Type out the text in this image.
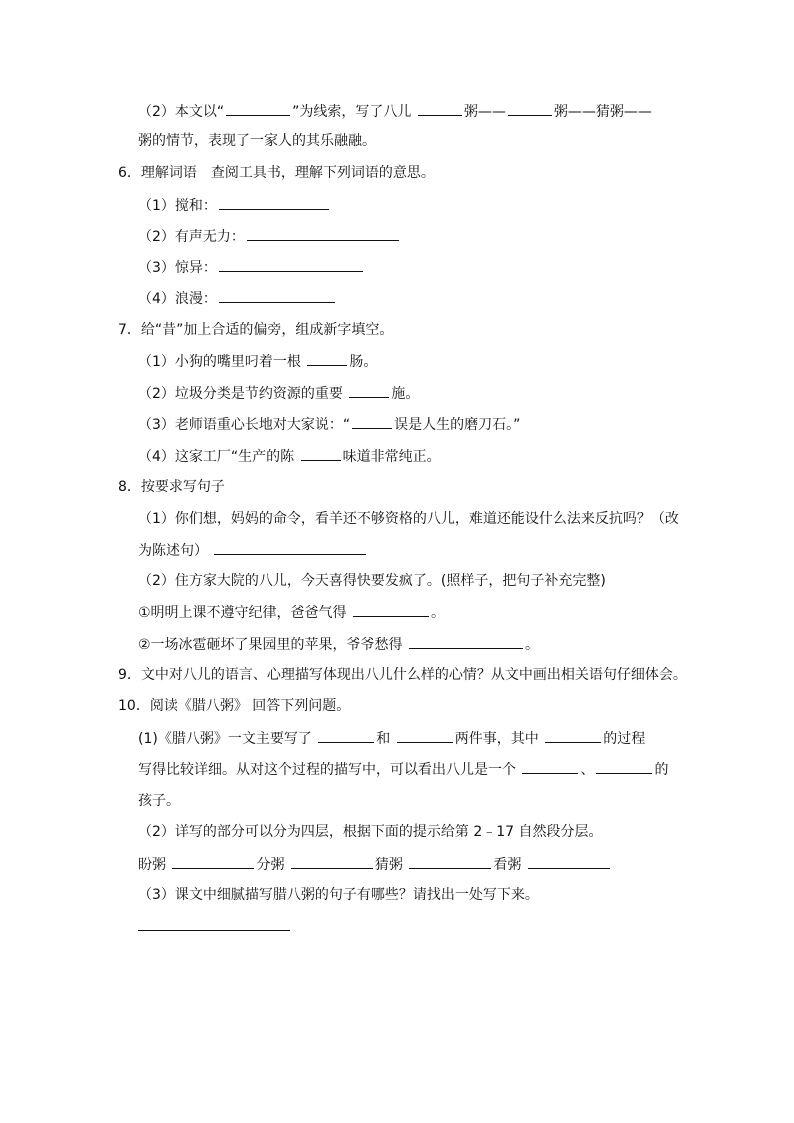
（2）本文以“	”为线索，写了八儿	粥——	粥——猜粥——
粥的情节，表现了一家人的其乐融融。
6．理解词语　查阅工具书，理解下列词语的意思。
（1）搅和：
（2）有声无力：
（3）惊异：
（4）浪漫：
7．给“昔”加上合适的偏旁，组成新字填空。
（1）小狗的嘴里叼着一根	肠。
（2）垃圾分类是节约资源的重要	施。
（3）老师语重心长地对大家说：“	误是人生的磨刀石。”
（4）这家工厂“生产的陈	味道非常纯正。
8．按要求写句子
（1）你们想，妈妈的命令，看羊还不够资格的八儿，难道还能设什么法来反抗吗？（改
为陈述句）
（2）住方家大院的八儿，今天喜得快要发疯了。(照样子，把句子补充完整)
①明明上课不遵守纪律，爸爸气得	。
②一场冰雹砸坏了果园里的苹果，爷爷愁得	。
9．文中对八儿的语言、心理描写体现出八儿什么样的心情？从文中画出相关语句仔细体会。
10．阅读《腊八粥》 回答下列问题。
(1)《腊八粥》一文主要写了	和	两件事，其中	的过程
写得比较详细。从对这个过程的描写中，可以看出八儿是一个	、	的
孩子。
（2）详写的部分可以分为四层，根据下面的提示给第 2﹣17 自然段分层。
盼粥	分粥	猜粥	看粥
（3）课文中细腻描写腊八粥的句子有哪些？请找出一处写下来。
